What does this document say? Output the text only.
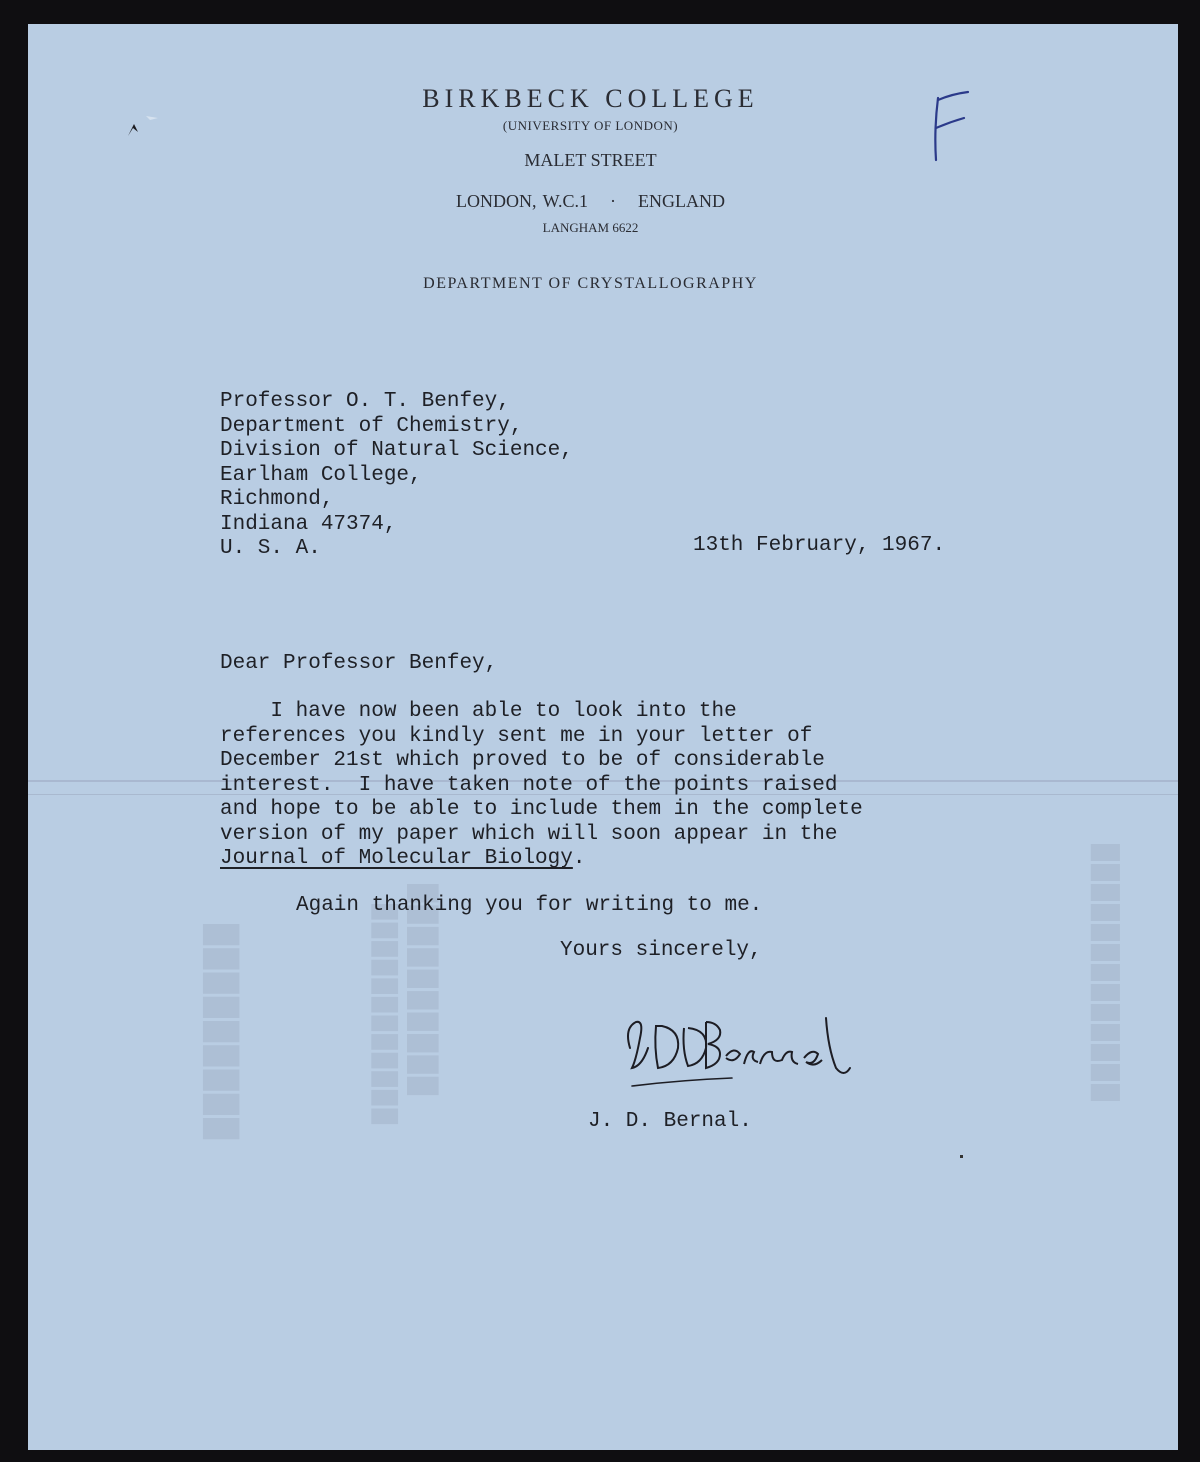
██████████
████████████
█████████	█████████████
BIRKBECK COLLEGE
(UNIVERSITY OF LONDON)
MALET STREET
LONDON, W.C.1 · ENGLAND
LANGHAM 6622
DEPARTMENT OF CRYSTALLOGRAPHY
Professor O. T. Benfey,
Department of Chemistry,
Division of Natural Science,
Earlham College,
Richmond,
Indiana 47374,
U. S. A.	13th February, 1967.
Dear Professor Benfey,
I have now been able to look into the
references you kindly sent me in your letter of
December 21st which proved to be of considerable
interest.  I have taken note of the points raised
and hope to be able to include them in the complete
version of my paper which will soon appear in the
Journal of Molecular Biology.
Again thanking you for writing to me.
Yours sincerely,
J. D. Bernal.
